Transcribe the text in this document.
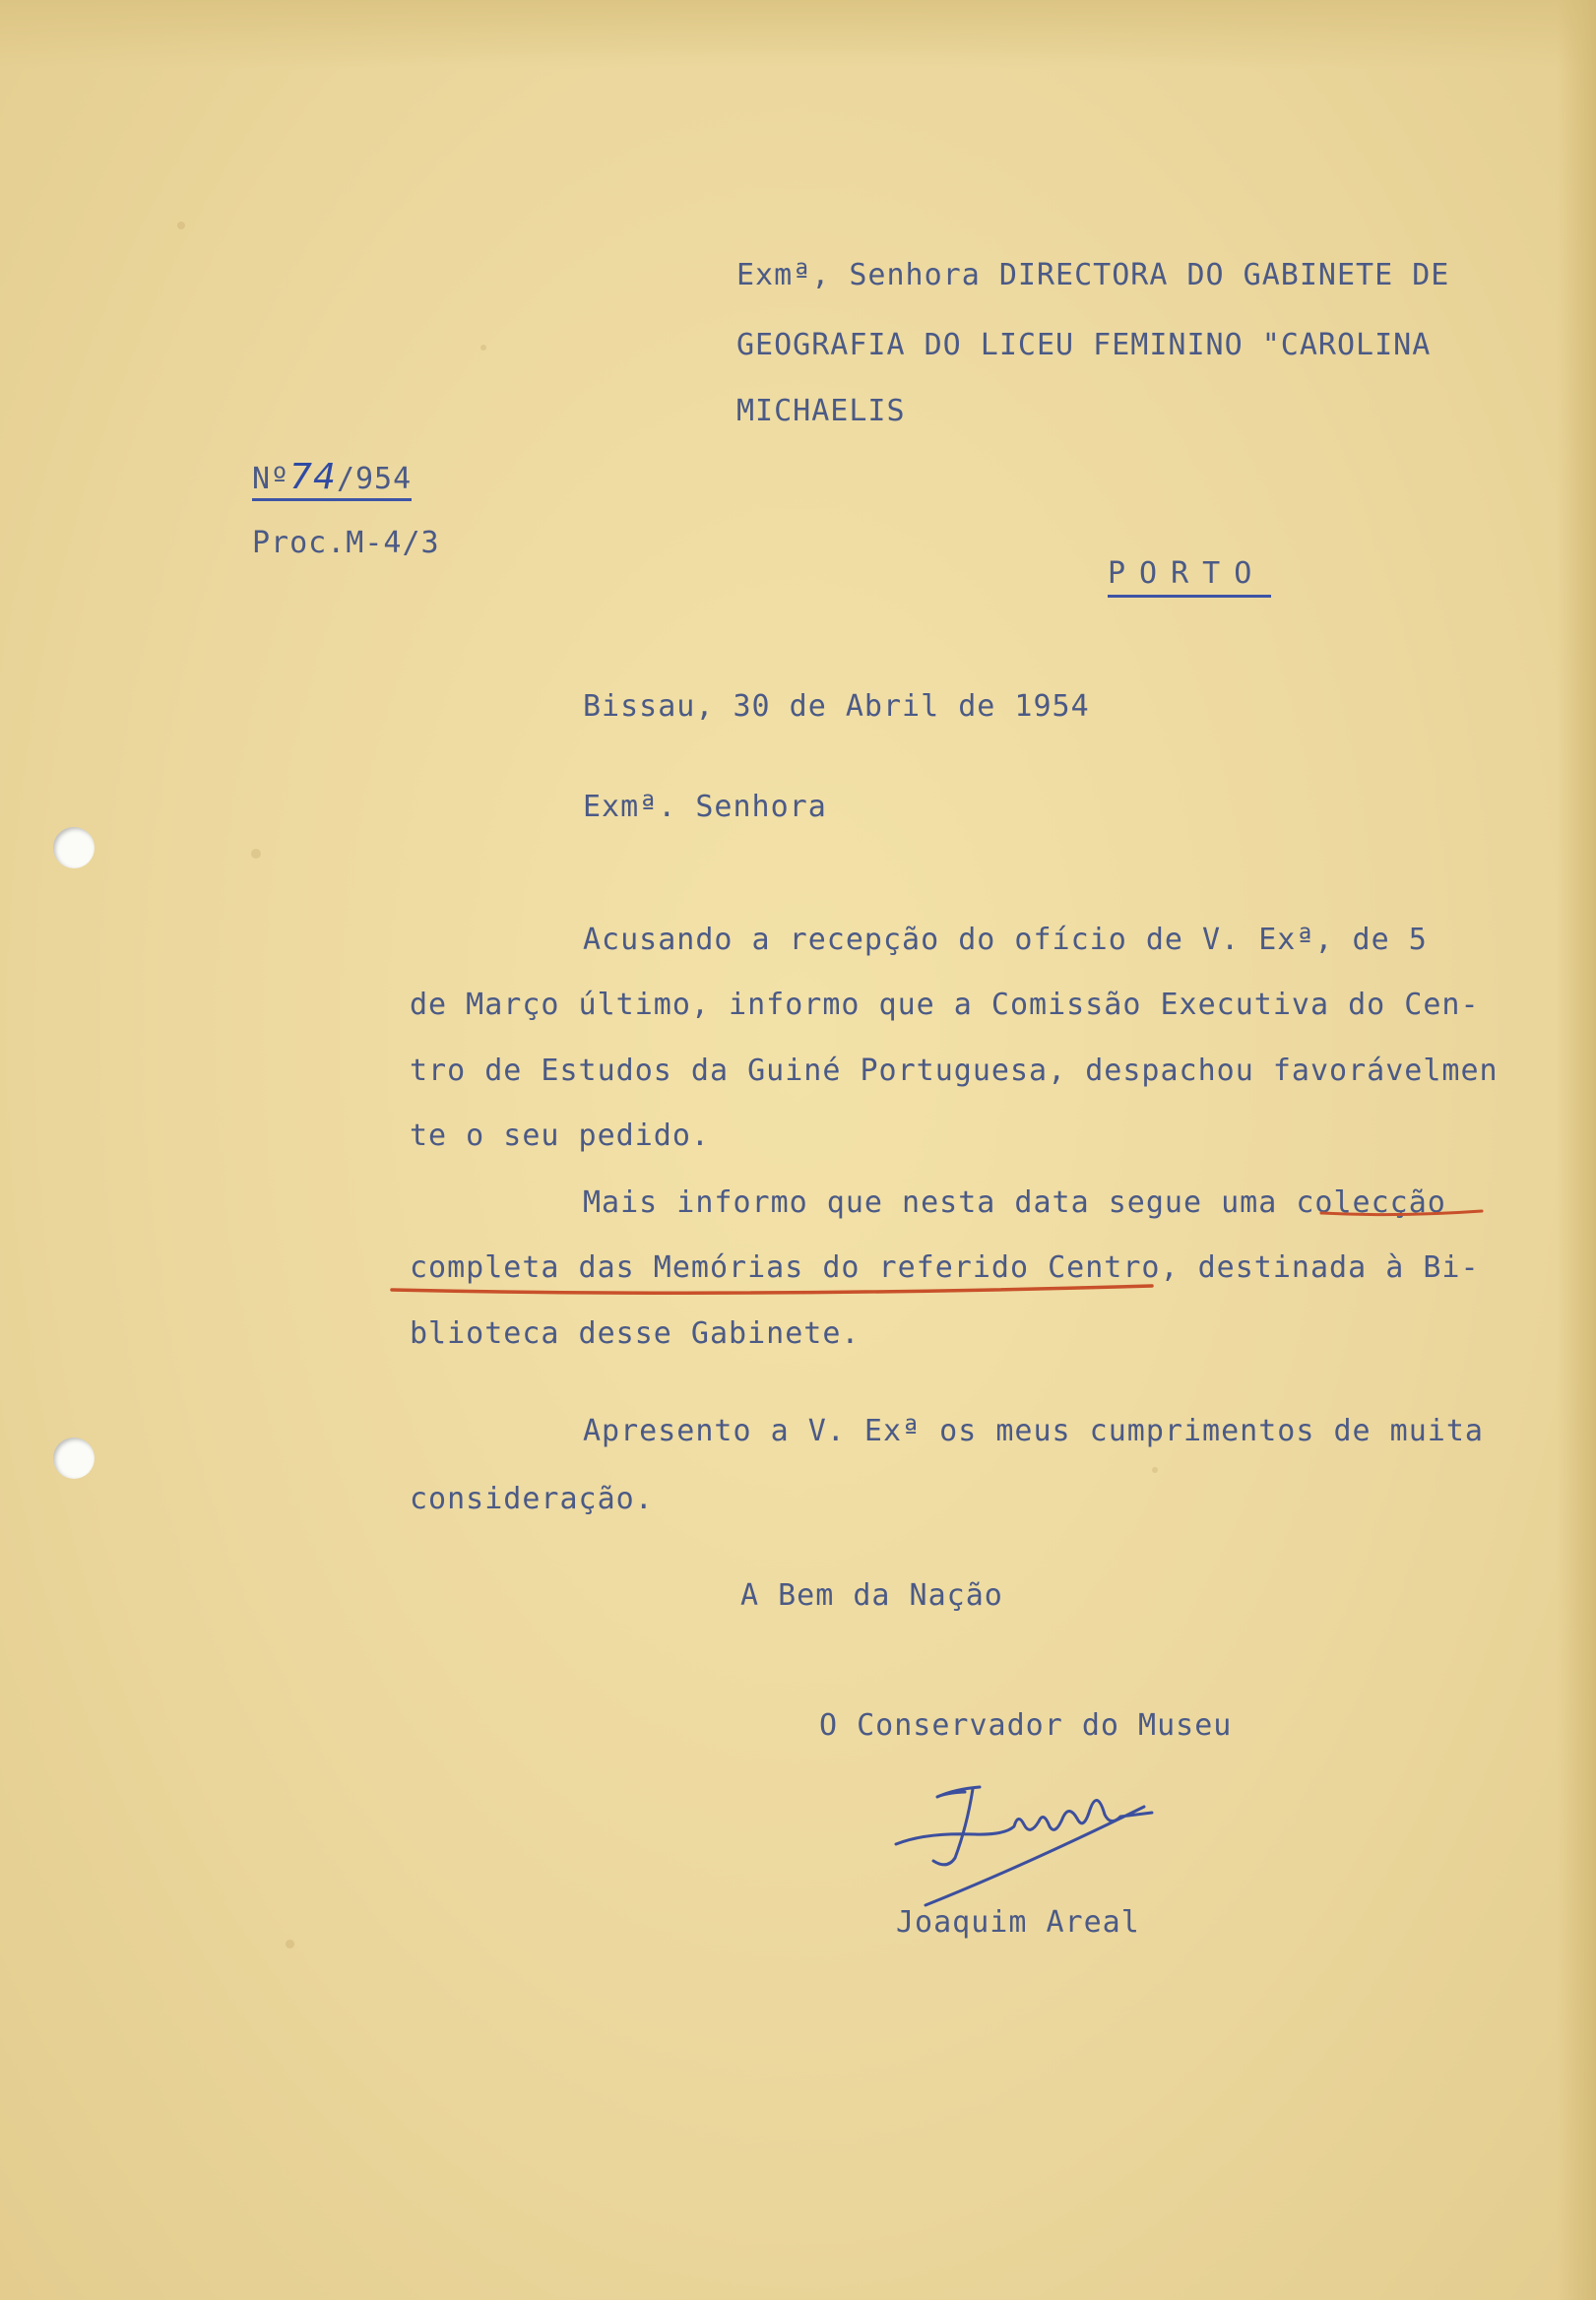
Exmª, Senhora DIRECTORA DO GABINETE DE
GEOGRAFIA DO LICEU FEMININO "CAROLINA
MICHAELIS
Nº74/954
Proc.M-4/3
PORTO
Bissau, 30 de Abril de 1954
Exmª. Senhora
Acusando a recepção do ofício de V. Exª, de 5
de Março último, informo que a Comissão Executiva do Cen-
tro de Estudos da Guiné Portuguesa, despachou favorávelmen
te o seu pedido.
Mais informo que nesta data segue uma colecção
completa das Memórias do referido Centro, destinada à Bi-
blioteca desse Gabinete.
Apresento a V. Exª os meus cumprimentos de muita
consideração.
A Bem da Nação
O Conservador do Museu
Joaquim Areal
